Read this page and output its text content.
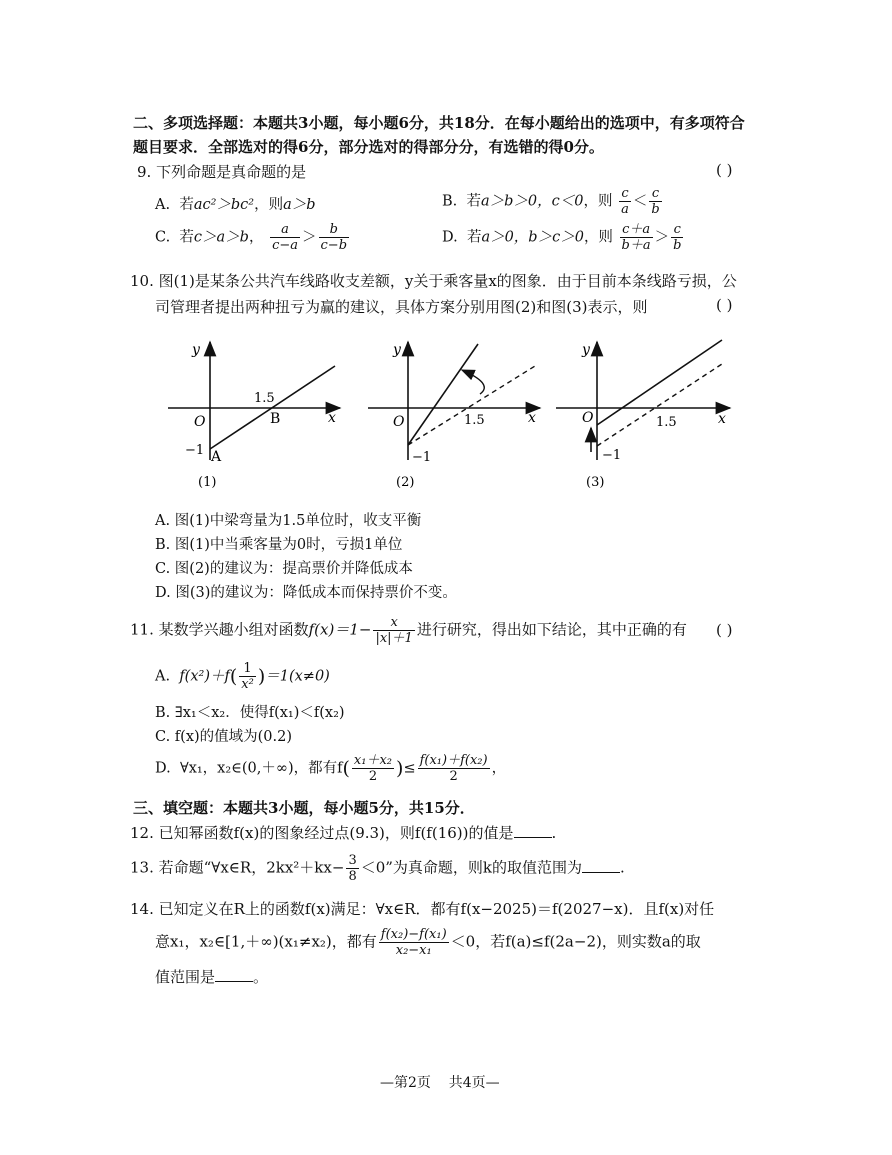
二、多项选择题：本题共3小题，每小题6分，共18分．在每小题给出的选项中，有多项符合
题目要求．全部选对的得6分，部分选对的得部分分，有选错的得0分。
9. 下列命题是真命题的是	( )
A. 若ac²＞bc²，则a＞b	B. 若a＞b＞0，c＜0，则 $\frac{c}{a} < \frac{c}{b}$
C. 若c＞a＞b， $\frac{a}{c-a} > \frac{b}{c-b}$	D. 若a＞0，b＞c＞0，则 $\frac{c+a}{b+a} > \frac{c}{b}$
10. 图(1)是某条公共汽车线路收支差额，y关于乘客量x的图象．由于目前本条线路亏损，公
司管理者提出两种扭亏为赢的建议，具体方案分别用图(2)和图(3)表示，则	( )
y
x
O
1.5
B
−1 A
(1)
y
x
O	1.5
−1
(2)
y
x
O	1.5
−1
(3)
A. 图(1)中梁弯量为1.5单位时，收支平衡
B. 图(1)中当乘客量为0时，亏损1单位
C. 图(2)的建议为：提高票价并降低成本
D. 图(3)的建议为：降低成本而保持票价不变。
11. 某数学兴趣小组对函数$f(x)=1- \frac{x}{|x|+1}$ 进行研究，得出如下结论，其中正确的有 ( )
A. $f(x^2)+f( \frac{1}{\text{x²}} )=1(x\ne 0)$
B. ∃x₁＜x₂．使得f(x₁)＜f(x₂)
C. f(x)的值域为(0.2)
D. ∀x₁，x₂∈(0,＋∞)，都有$f( \frac{\text{x₁＋x₂}}{2}$ )≤ $\frac{\text{f(x₁)＋f(x₂)}}{2}$ ，
三、填空题：本题共3小题，每小题5分，共15分．
12. 已知幂函数f(x)的图象经过点(9.3)，则f(f(16))的值是	.
13. 若命题“∀x∈R，$2kx^2+kx- \frac{3}{8} <0$”为真命题，则k的取值范围为	.
14. 已知定义在R上的函数f(x)满足：∀x∈R．都有f(x−2025)＝f(2027−x)．且f(x)对任
意x₁，x₂∈[1,＋∞)(x₁≠x₂)，都有 $\frac{\text{f(x₂)−f(x₁)}}{\text{x₂−x₁}} <0$，若f(a)≤f(2a−2)，则实数a的取
值范围是	。
—第2页    共4页—
